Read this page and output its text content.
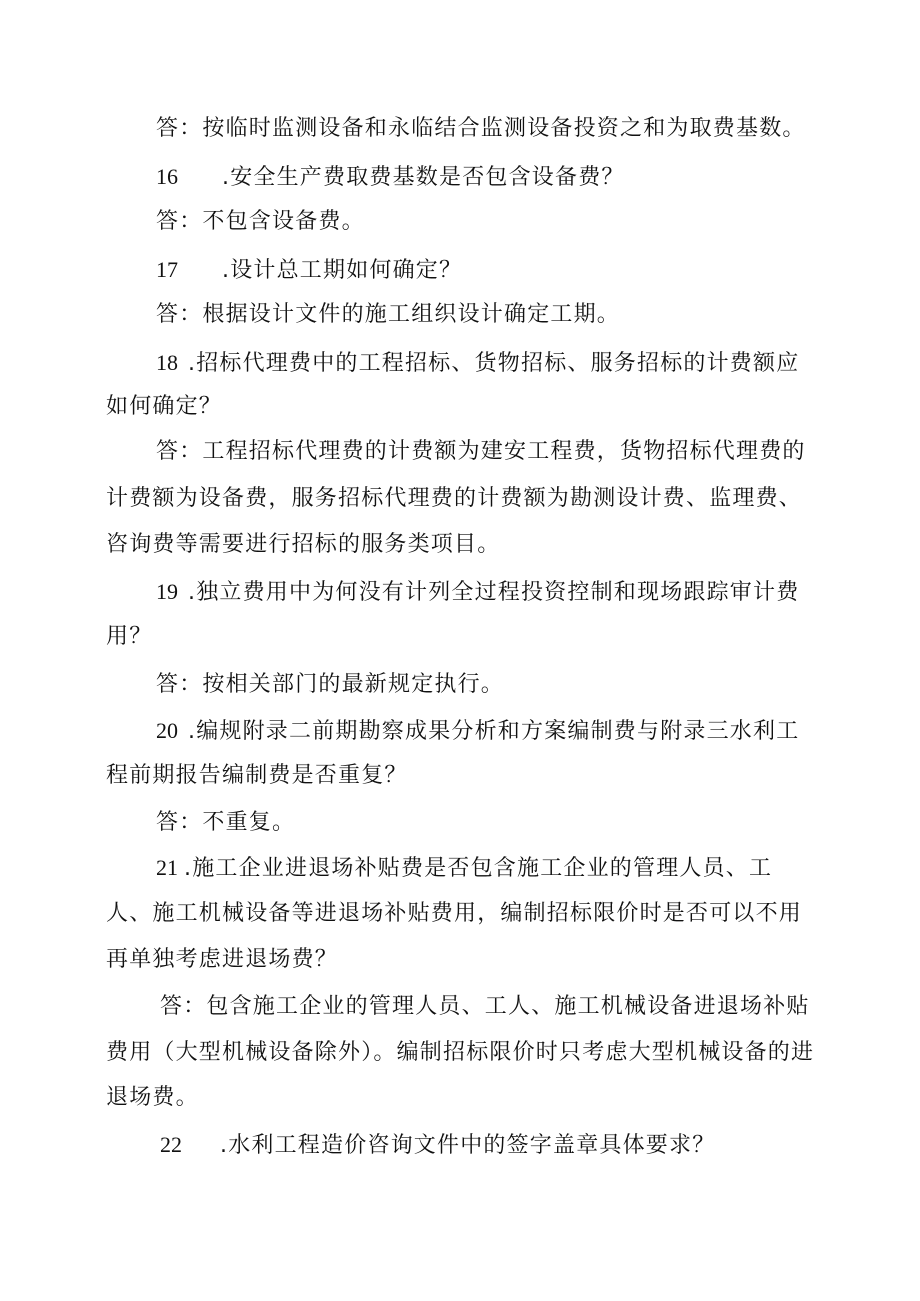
答：按临时监测设备和永临结合监测设备投资之和为取费基数。
16 .安全生产费取费基数是否包含设备费？
答：不包含设备费。
17 .设计总工期如何确定？
答：根据设计文件的施工组织设计确定工期。
18 .招标代理费中的工程招标、货物招标、服务招标的计费额应
如何确定？
答：工程招标代理费的计费额为建安工程费，货物招标代理费的
计费额为设备费，服务招标代理费的计费额为勘测设计费、监理费、
咨询费等需要进行招标的服务类项目。
19 .独立费用中为何没有计列全过程投资控制和现场跟踪审计费
用？
答：按相关部门的最新规定执行。
20 .编规附录二前期勘察成果分析和方案编制费与附录三水利工
程前期报告编制费是否重复？
答：不重复。
21 .施工企业进退场补贴费是否包含施工企业的管理人员、工
人、施工机械设备等进退场补贴费用，编制招标限价时是否可以不用
再单独考虑进退场费？
答：包含施工企业的管理人员、工人、施工机械设备进退场补贴
费用（大型机械设备除外）。编制招标限价时只考虑大型机械设备的进
退场费。
22 .水利工程造价咨询文件中的签字盖章具体要求？
